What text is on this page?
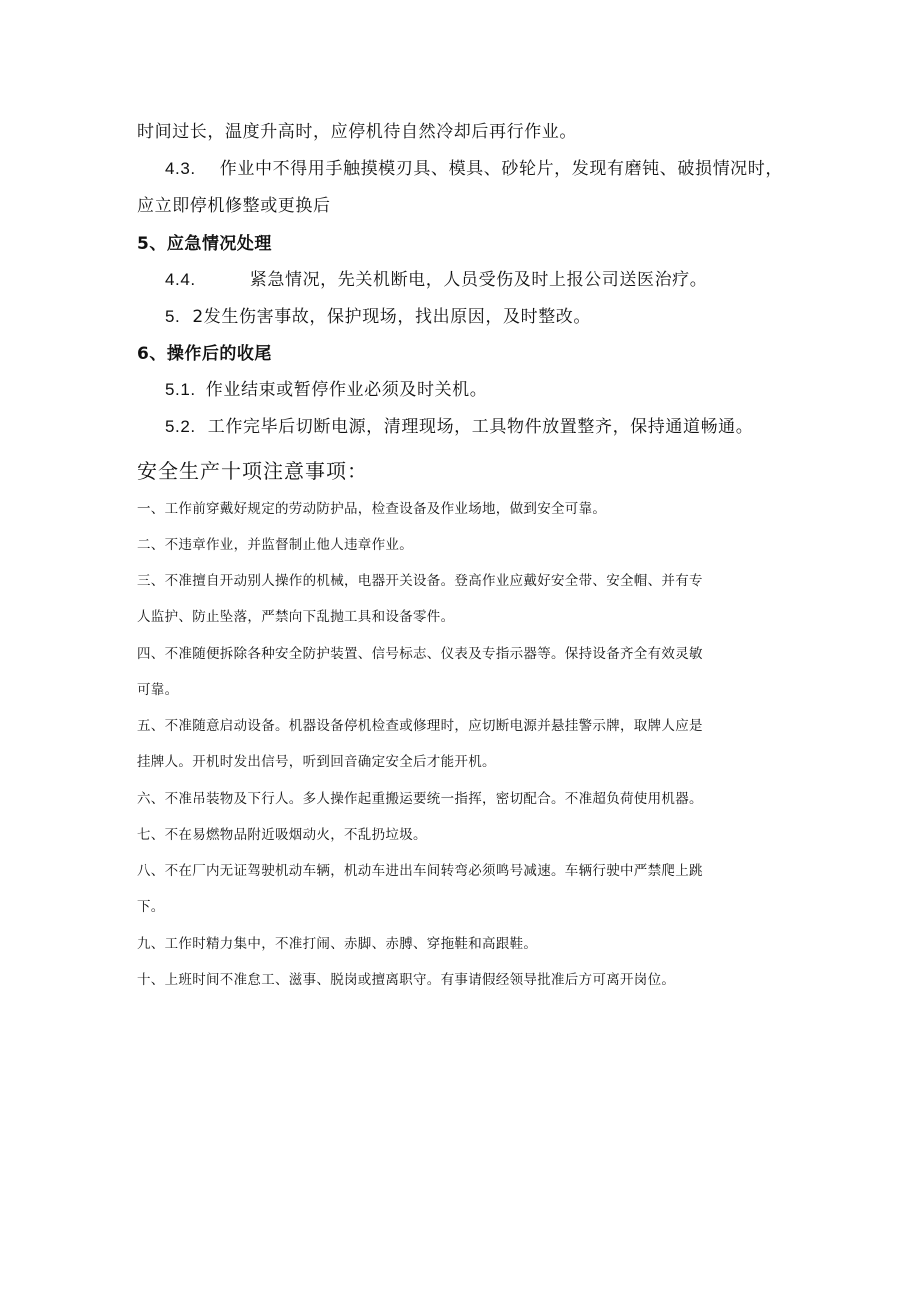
时间过长，温度升高时，应停机待自然冷却后再行作业。
4.3. 作业中不得用手触摸模刃具、模具、砂轮片，发现有磨钝、破损情况时，
应立即停机修整或更换后
5、应急情况处理
4.4.	紧急情况，先关机断电，人员受伤及时上报公司送医治疗。
5. 2发生伤害事故，保护现场，找出原因，及时整改。
6、操作后的收尾
5.1. 作业结束或暂停作业必须及时关机。
5.2. 工作完毕后切断电源，清理现场，工具物件放置整齐，保持通道畅通。
安全生产十项注意事项：
一、工作前穿戴好规定的劳动防护品，检查设备及作业场地，做到安全可靠。
二、不违章作业，并监督制止他人违章作业。
三、不准擅自开动别人操作的机械，电器开关设备。登高作业应戴好安全带、安全帽、并有专
人监护、防止坠落，严禁向下乱抛工具和设备零件。
四、不准随便拆除各种安全防护装置、信号标志、仪表及专指示器等。保持设备齐全有效灵敏
可靠。
五、不准随意启动设备。机器设备停机检查或修理时，应切断电源并悬挂警示牌，取牌人应是
挂牌人。开机时发出信号，听到回音确定安全后才能开机。
六、不准吊装物及下行人。多人操作起重搬运要统一指挥，密切配合。不准超负荷使用机器。
七、不在易燃物品附近吸烟动火，不乱扔垃圾。
八、不在厂内无证驾驶机动车辆，机动车进出车间转弯必须鸣号减速。车辆行驶中严禁爬上跳
下。
九、工作时精力集中，不准打闹、赤脚、赤膊、穿拖鞋和高跟鞋。
十、上班时间不准怠工、滋事、脱岗或擅离职守。有事请假经领导批准后方可离开岗位。
